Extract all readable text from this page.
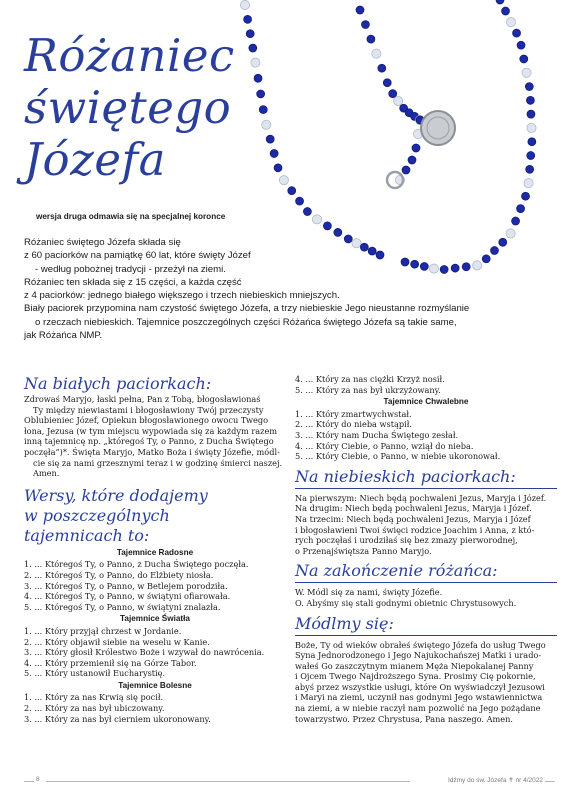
Różaniec
świętego
Józefa
wersja druga odmawia się na specjalnej koronce

Różaniec świętego Józefa składa się

z 60 paciorków na pamiątkę 60 lat, które święty Józef

- według pobożnej tradycji - przeżył na ziemi.

Różaniec ten składa się z 15 części, a każda część

z 4 paciorków: jednego białego większego i trzech niebieskich mniejszych.

Biały paciorek przypomina nam czystość świętego Józefa, a trzy niebieskie Jego nieustanne rozmyślanie

o rzeczach niebieskich. Tajemnice poszczególnych części Różańca świętego Józefa są takie same,

jak Różańca NMP.

Na białych paciorkach:
Zdrowaś Maryjo, łaski pełna, Pan z Tobą, błogosławionaś
Ty między niewiastami i błogosławiony Twój przeczysty
Oblubieniec Józef, Opiekun błogosławionego owocu Twego
łona, Jezusa (w tym miejscu wypowiada się za każdym razem
inną tajemnicę np. „któregoś Ty, o Panno, z Ducha Świętego
poczęła”)*. Święta Maryjo, Matko Boża i święty Józefie, módl-
cie się za nami grzesznymi teraz i w godzinę śmierci naszej.
Amen.
Wersy, które dodajemy
w poszczególnych
tajemnicach to:
Tajemnice Radosne
1. ... Któregoś Ty, o Panno, z Ducha Świętego poczęła.
2. ... Któregoś Ty, o Panno, do Elżbiety niosła.
3. ... Któregoś Ty, o Panno, w Betlejem porodziła.
4. ... Któregoś Ty, o Panno, w świątyni ofiarowała.
5. ... Któregoś Ty, o Panno, w świątyni znalazła.
Tajemnice Światła
1. ... Który przyjął chrzest w Jordanie.
2. ... Który objawił siebie na weselu w Kanie.
3. ... Który głosił Królestwo Boże i wzywał do nawrócenia.
4. ... Który przemienił się na Górze Tabor.
5. ... Który ustanowił Eucharystię.
Tajemnice Bolesne
1. ... Który za nas Krwią się pocił.
2. ... Który za nas był ubiczowany.
3. ... Który za nas był cierniem ukoronowany.
4. ... Który za nas ciężki Krzyż nosił.
5. ... Który za nas był ukrzyżowany.
Tajemnice Chwalebne
1. ... Który zmartwychwstał.
2. ... Który do nieba wstąpił.
3. ... Który nam Ducha Świętego zesłał.
4. ... Który Ciebie, o Panno, wziął do nieba.
5. ... Który Ciebie, o Panno, w niebie ukoronował.
Na niebieskich paciorkach:
Na pierwszym: Niech będą pochwaleni Jezus, Maryja i Józef.
Na drugim: Niech będą pochwaleni Jezus, Maryja i Józef.
Na trzecim: Niech będą pochwaleni Jezus, Maryja i Józef
i błogosławieni Twoi święci rodzice Joachim i Anna, z któ-
rych poczęłaś i urodziłaś się bez zmazy pierworodnej,
o Przenajświętsza Panno Maryjo.
Na zakończenie różańca:
W. Módl się za nami, święty Józefie.
O. Abyśmy się stali godnymi obietnic Chrystusowych.
Módlmy się:
Boże, Ty od wieków obrałeś świętego Józefa do usług Twego
Syna Jednorodzonego i Jego Najukochańszej Matki i urado-
wałeś Go zaszczytnym mianem Męża Niepokalanej Panny
i Ojcem Twego Najdroższego Syna. Prosimy Cię pokornie,
abyś przez wszystkie usługi, które On wyświadczył Jezusowi
i Maryi na ziemi, uczynił nas godnymi Jego wstawiennictwa
na ziemi, a w niebie raczył nam pozwolić na Jego pożądane
towarzystwo. Przez Chrystusa, Pana naszego. Amen.
8	Idźmy do św. Józefa ✝ nr 4/2022
